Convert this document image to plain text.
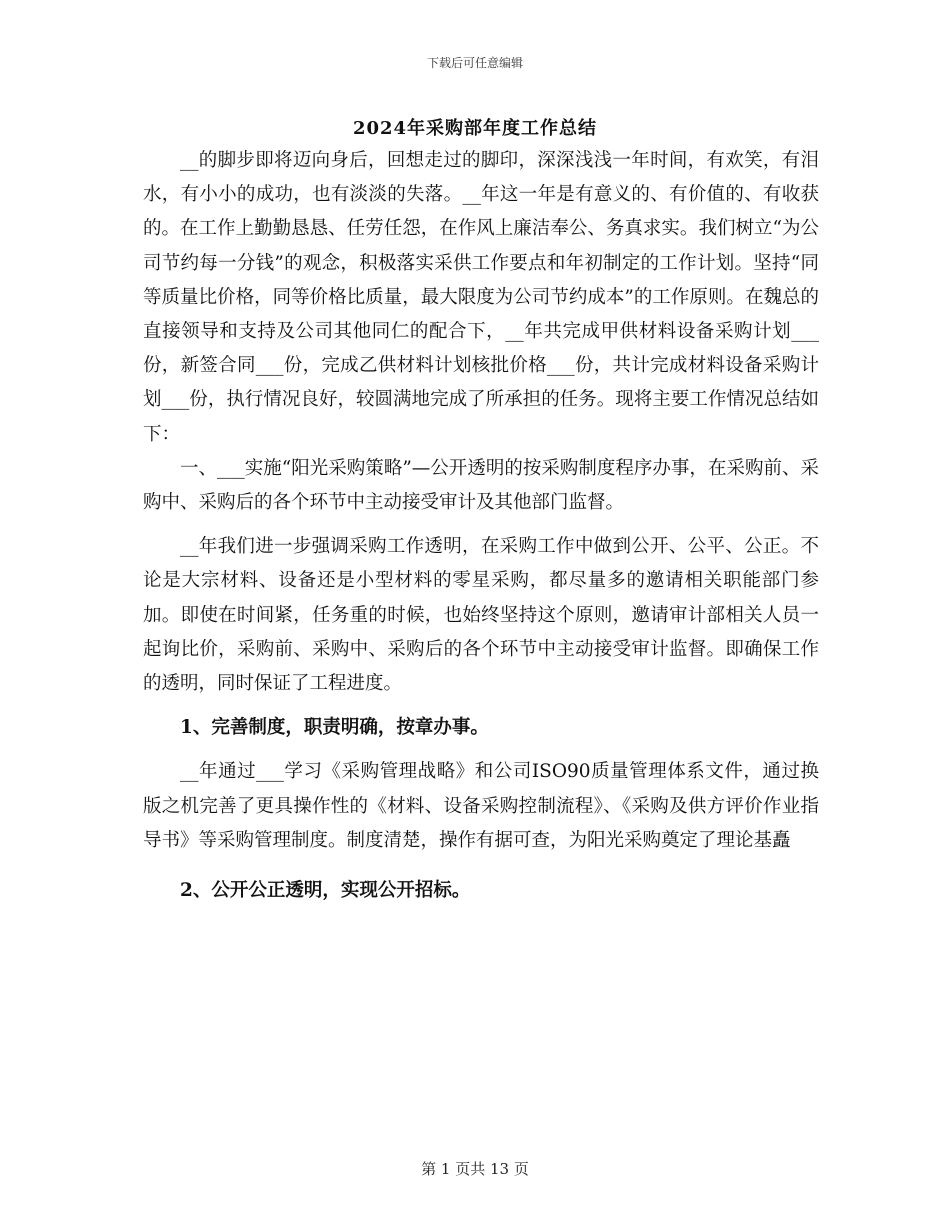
下载后可任意编辑
2024年采购部年度工作总结

__的脚步即将迈向身后，回想走过的脚印，深深浅浅一年时间，有欢笑，有泪水，有小小的成功，也有淡淡的失落。__年这一年是有意义的、有价值的、有收获的。在工作上勤勤恳恳、任劳任怨，在作风上廉洁奉公、务真求实。我们树立“为公司节约每一分钱”的观念，积极落实采供工作要点和年初制定的工作计划。坚持“同等质量比价格，同等价格比质量，最大限度为公司节约成本”的工作原则。在魏总的直接领导和支持及公司其他同仁的配合下，__年共完成甲供材料设备采购计划___份，新签合同___份，完成乙供材料计划核批价格___份，共计完成材料设备采购计划___份，执行情况良好，较圆满地完成了所承担的任务。现将主要工作情况总结如下：

一、___实施“阳光采购策略”—公开透明的按采购制度程序办事，在采购前、采购中、采购后的各个环节中主动接受审计及其他部门监督。

__年我们进一步强调采购工作透明，在采购工作中做到公开、公平、公正。不论是大宗材料、设备还是小型材料的零星采购，都尽量多的邀请相关职能部门参加。即使在时间紧，任务重的时候，也始终坚持这个原则，邀请审计部相关人员一起询比价，采购前、采购中、采购后的各个环节中主动接受审计监督。即确保工作的透明，同时保证了工程进度。

1、完善制度，职责明确，按章办事。

__年通过___学习《采购管理战略》和公司ISO90质量管理体系文件，通过换版之机完善了更具操作性的《材料、设备采购控制流程》、《采购及供方评价作业指导书》等采购管理制度。制度清楚，操作有据可查，为阳光采购奠定了理论基矗

2、公开公正透明，实现公开招标。

第 1 页共 13 页
